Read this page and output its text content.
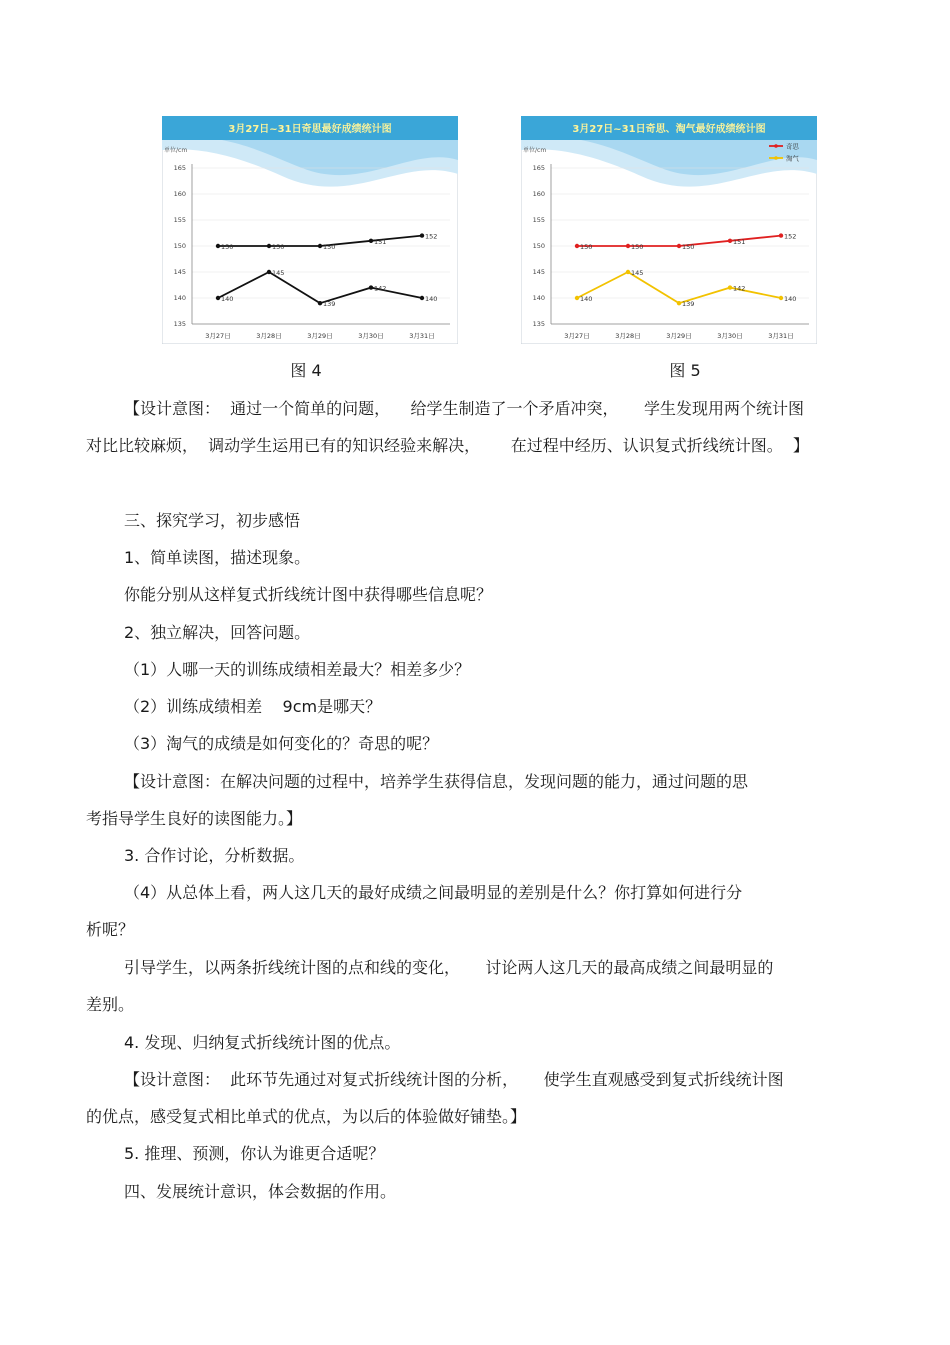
3月27日~31日奇思最好成绩统计图
单位/cm
135
140
145
150
155
160
165
3月27日	3月28日	3月29日	3月30日	3月31日
150	150	150
151
152
140
145
139
142
140
图 4
3月27日~31日奇思、淘气最好成绩统计图
单位/cm
135
140
145
150
155
160
165
3月27日	3月28日	3月29日	3月30日	3月31日
150	150	150
151
152
140
145
139
142
140
奇思
淘气
图 5
【设计意图：  通过一个简单的问题，    给学生制造了一个矛盾冲突，     学生发现用两个统计图
对比比较麻烦，  调动学生运用已有的知识经验来解决，      在过程中经历、认识复式折线统计图。  】
三、探究学习，初步感悟
1、简单读图，描述现象。
你能分别从这样复式折线统计图中获得哪些信息呢？
2、独立解决，回答问题。
（1）人哪一天的训练成绩相差最大？相差多少？
（2）训练成绩相差    9cm是哪天？
（3）淘气的成绩是如何变化的？奇思的呢？
【设计意图：在解决问题的过程中，培养学生获得信息，发现问题的能力，通过问题的思
考指导学生良好的读图能力。】
3. 合作讨论，分析数据。
（4）从总体上看，两人这几天的最好成绩之间最明显的差别是什么？你打算如何进行分
析呢？
引导学生，以两条折线统计图的点和线的变化，     讨论两人这几天的最高成绩之间最明显的
差别。
4. 发现、归纳复式折线统计图的优点。
【设计意图：  此环节先通过对复式折线统计图的分析，     使学生直观感受到复式折线统计图
的优点，感受复式相比单式的优点，为以后的体验做好铺垫。】
5. 推理、预测，你认为谁更合适呢？
四、发展统计意识，体会数据的作用。
